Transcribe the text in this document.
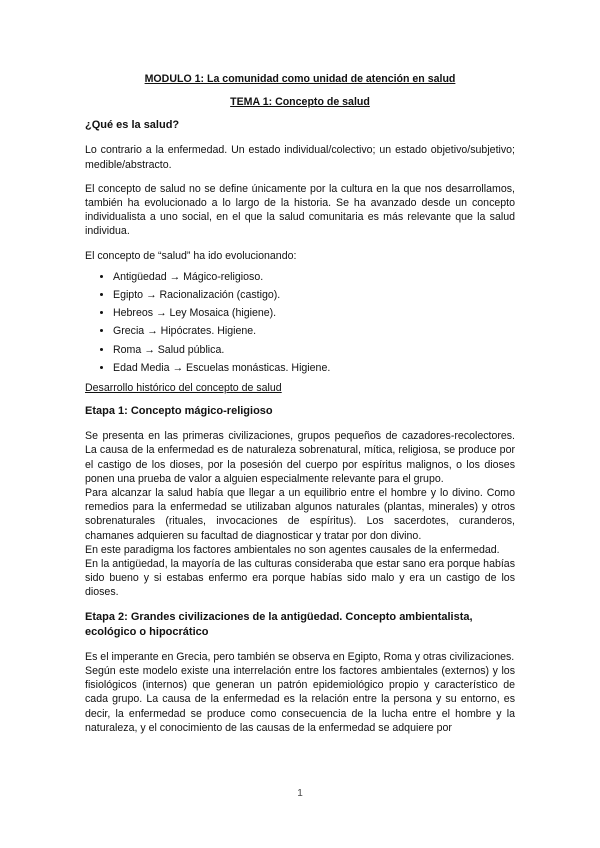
MODULO 1: La comunidad como unidad de atención en salud

TEMA 1: Concepto de salud

¿Qué es la salud?

Lo contrario a la enfermedad. Un estado individual/colectivo; un estado objetivo/subjetivo; medible/abstracto.

El concepto de salud no se define únicamente por la cultura en la que nos desarrollamos, también ha evolucionado a lo largo de la historia. Se ha avanzado desde un concepto individualista a uno social, en el que la salud comunitaria es más relevante que la salud individua.

El concepto de “salud” ha ido evolucionando:

• Antigüedad → Mágico-religioso.
• Egipto → Racionalización (castigo).
• Hebreos → Ley Mosaica (higiene).
• Grecia → Hipócrates. Higiene.
• Roma → Salud pública.
• Edad Media → Escuelas monásticas. Higiene.

Desarrollo histórico del concepto de salud

Etapa 1: Concepto mágico-religioso

Se presenta en las primeras civilizaciones, grupos pequeños de cazadores-recolectores. La causa de la enfermedad es de naturaleza sobrenatural, mítica, religiosa, se produce por el castigo de los dioses, por la posesión del cuerpo por espíritus malignos, o los dioses ponen una prueba de valor a alguien especialmente relevante para el grupo.

Para alcanzar la salud había que llegar a un equilibrio entre el hombre y lo divino. Como remedios para la enfermedad se utilizaban algunos naturales (plantas, minerales) y otros sobrenaturales (rituales, invocaciones de espíritus). Los sacerdotes, curanderos, chamanes adquieren su facultad de diagnosticar y tratar por don divino.

En este paradigma los factores ambientales no son agentes causales de la enfermedad.

En la antigüedad, la mayoría de las culturas consideraba que estar sano era porque habías sido bueno y si estabas enfermo era porque habías sido malo y era un castigo de los dioses.

Etapa 2: Grandes civilizaciones de la antigüedad. Concepto ambientalista, ecológico o hipocrático

Es el imperante en Grecia, pero también se observa en Egipto, Roma y otras civilizaciones.

Según este modelo existe una interrelación entre los factores ambientales (externos) y los fisiológicos (internos) que generan un patrón epidemiológico propio y característico de cada grupo. La causa de la enfermedad es la relación entre la persona y su entorno, es decir, la enfermedad se produce como consecuencia de la lucha entre el hombre y la naturaleza, y el conocimiento de las causas de la enfermedad se adquiere por

1
